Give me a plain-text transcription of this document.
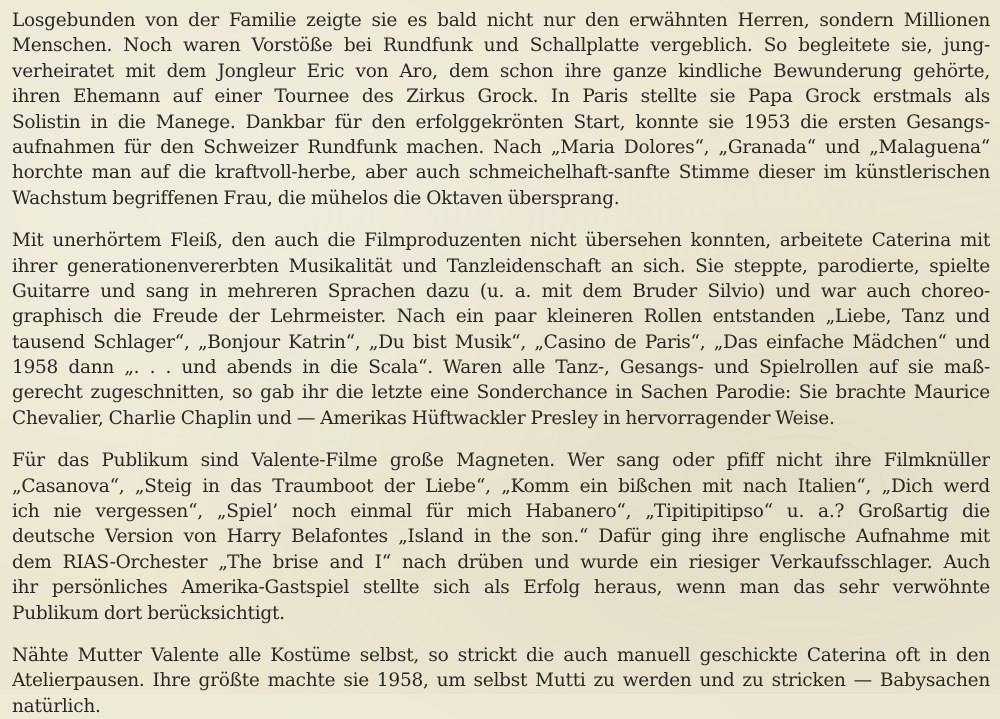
Losgebunden von der Familie zeigte sie es bald nicht nur den erwähnten Herren, sondern Millionen
Menschen. Noch waren Vorstöße bei Rundfunk und Schallplatte vergeblich. So begleitete sie, jung-
verheiratet mit dem Jongleur Eric von Aro, dem schon ihre ganze kindliche Bewunderung gehörte,
ihren Ehemann auf einer Tournee des Zirkus Grock. In Paris stellte sie Papa Grock erstmals als
Solistin in die Manege. Dankbar für den erfolggekrönten Start, konnte sie 1953 die ersten Gesangs-
aufnahmen für den Schweizer Rundfunk machen. Nach „Maria Dolores“, „Granada“ und „Malaguena“
horchte man auf die kraftvoll-herbe, aber auch schmeichelhaft-sanfte Stimme dieser im künstlerischen
Wachstum begriffenen Frau, die mühelos die Oktaven übersprang.
Mit unerhörtem Fleiß, den auch die Filmproduzenten nicht übersehen konnten, arbeitete Caterina mit
ihrer generationenvererbten Musikalität und Tanzleidenschaft an sich. Sie steppte, parodierte, spielte
Guitarre und sang in mehreren Sprachen dazu (u. a. mit dem Bruder Silvio) und war auch choreo-
graphisch die Freude der Lehrmeister. Nach ein paar kleineren Rollen entstanden „Liebe, Tanz und
tausend Schlager“, „Bonjour Katrin“, „Du bist Musik“, „Casino de Paris“, „Das einfache Mädchen“ und
1958 dann „. . . und abends in die Scala“. Waren alle Tanz-, Gesangs- und Spielrollen auf sie maß-
gerecht zugeschnitten, so gab ihr die letzte eine Sonderchance in Sachen Parodie: Sie brachte Maurice
Chevalier, Charlie Chaplin und — Amerikas Hüftwackler Presley in hervorragender Weise.
Für das Publikum sind Valente-Filme große Magneten. Wer sang oder pfiff nicht ihre Filmknüller
„Casanova“, „Steig in das Traumboot der Liebe“, „Komm ein bißchen mit nach Italien“, „Dich werd
ich nie vergessen“, „Spiel’ noch einmal für mich Habanero“, „Tipitipitipso“ u. a.? Großartig die
deutsche Version von Harry Belafontes „Island in the son.“ Dafür ging ihre englische Aufnahme mit
dem RIAS-Orchester „The brise and I“ nach drüben und wurde ein riesiger Verkaufsschlager. Auch
ihr persönliches Amerika-Gastspiel stellte sich als Erfolg heraus, wenn man das sehr verwöhnte
Publikum dort berücksichtigt.
Nähte Mutter Valente alle Kostüme selbst, so strickt die auch manuell geschickte Caterina oft in den
Atelierpausen. Ihre größte machte sie 1958, um selbst Mutti zu werden und zu stricken — Babysachen
natürlich.
